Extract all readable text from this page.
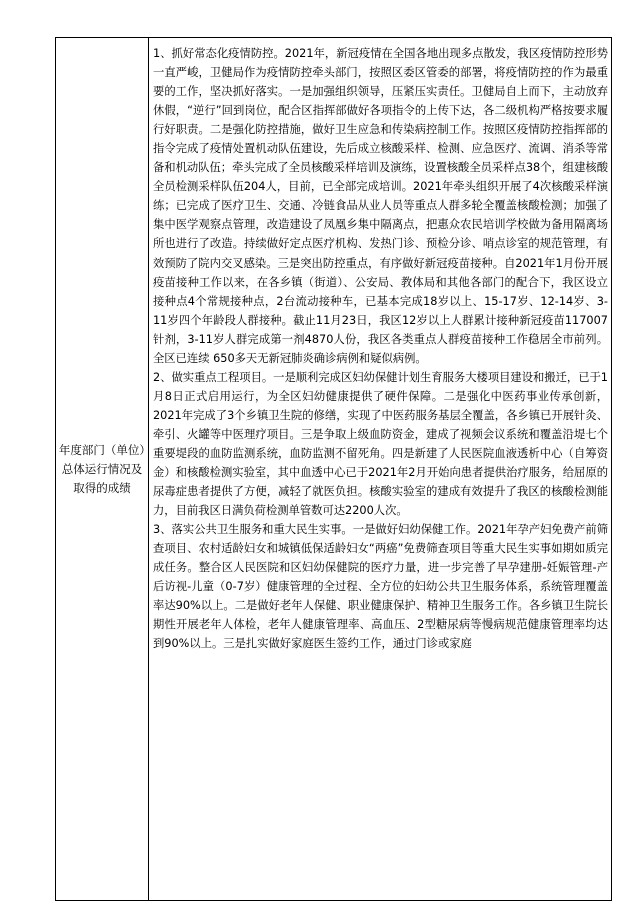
年度部门（单位）总体运行情况及取得的成绩

1、抓好常态化疫情防控。2021年，新冠疫情在全国各地出现多点散发，我区疫情防控形势一直严峻，卫健局作为疫情防控牵头部门，按照区委区管委的部署，将疫情防控的作为最重要的工作，坚决抓好落实。一是加强组织领导，压紧压实责任。卫健局自上而下，主动放弃休假，“逆行”回到岗位，配合区指挥部做好各项指令的上传下达，各二级机构严格按要求履行好职责。二是强化防控措施，做好卫生应急和传染病控制工作。按照区疫情防控指挥部的指令完成了疫情处置机动队伍建设，先后成立核酸采样、检测、应急医疗、流调、消杀等常备和机动队伍；牵头完成了全员核酸采样培训及演练，设置核酸全员采样点38个，组建核酸全员检测采样队伍204人，目前，已全部完成培训。2021年牵头组织开展了4次核酸采样演练；已完成了医疗卫生、交通、冷链食品从业人员等重点人群多轮全覆盖核酸检测；加强了集中医学观察点管理，改造建设了凤凰乡集中隔离点，把惠众农民培训学校做为备用隔离场所也进行了改造。持续做好定点医疗机构、发热门诊、预检分诊、哨点诊室的规范管理，有效预防了院内交叉感染。三是突出防控重点，有序做好新冠疫苗接种。自2021年1月份开展疫苗接种工作以来，在各乡镇（街道）、公安局、教体局和其他各部门的配合下，我区设立接种点4个常规接种点，2台流动接种车，已基本完成18岁以上、15-17岁、12-14岁、3-11岁四个年龄段人群接种。截止11月23日，我区12岁以上人群累计接种新冠疫苗117007针剂，3-11岁人群完成第一剂4870人份，我区各类重点人群疫苗接种工作稳居全市前列。全区已连续 650多天无新冠肺炎确诊病例和疑似病例。

2、做实重点工程项目。一是顺利完成区妇幼保健计划生育服务大楼项目建设和搬迁，已于1月8日正式启用运行，为全区妇幼健康提供了硬件保障。二是强化中医药事业传承创新，2021年完成了3个乡镇卫生院的修缮，实现了中医药服务基层全覆盖，各乡镇已开展针灸、牵引、火罐等中医理疗项目。三是争取上级血防资金，建成了视频会议系统和覆盖沿堤七个重要堤段的血防监测系统，血防监测不留死角。四是新建了人民医院血液透析中心（自筹资金）和核酸检测实验室，其中血透中心已于2021年2月开始向患者提供治疗服务，给屈原的尿毒症患者提供了方便，减轻了就医负担。核酸实验室的建成有效提升了我区的核酸检测能力，目前我区日满负荷检测单管数可达2200人次。

3、落实公共卫生服务和重大民生实事。一是做好妇幼保健工作。2021年孕产妇免费产前筛查项目、农村适龄妇女和城镇低保适龄妇女“两癌”免费筛查项目等重大民生实事如期如质完成任务。整合区人民医院和区妇幼保健院的医疗力量，进一步完善了早孕建册-妊娠管理-产后访视-儿童（0-7岁）健康管理的全过程、全方位的妇幼公共卫生服务体系，系统管理覆盖率达90%以上。二是做好老年人保健、职业健康保护、精神卫生服务工作。各乡镇卫生院长期性开展老年人体检，老年人健康管理率、高血压、2型糖尿病等慢病规范健康管理率均达到90%以上。三是扎实做好家庭医生签约工作，通过门诊或家庭
